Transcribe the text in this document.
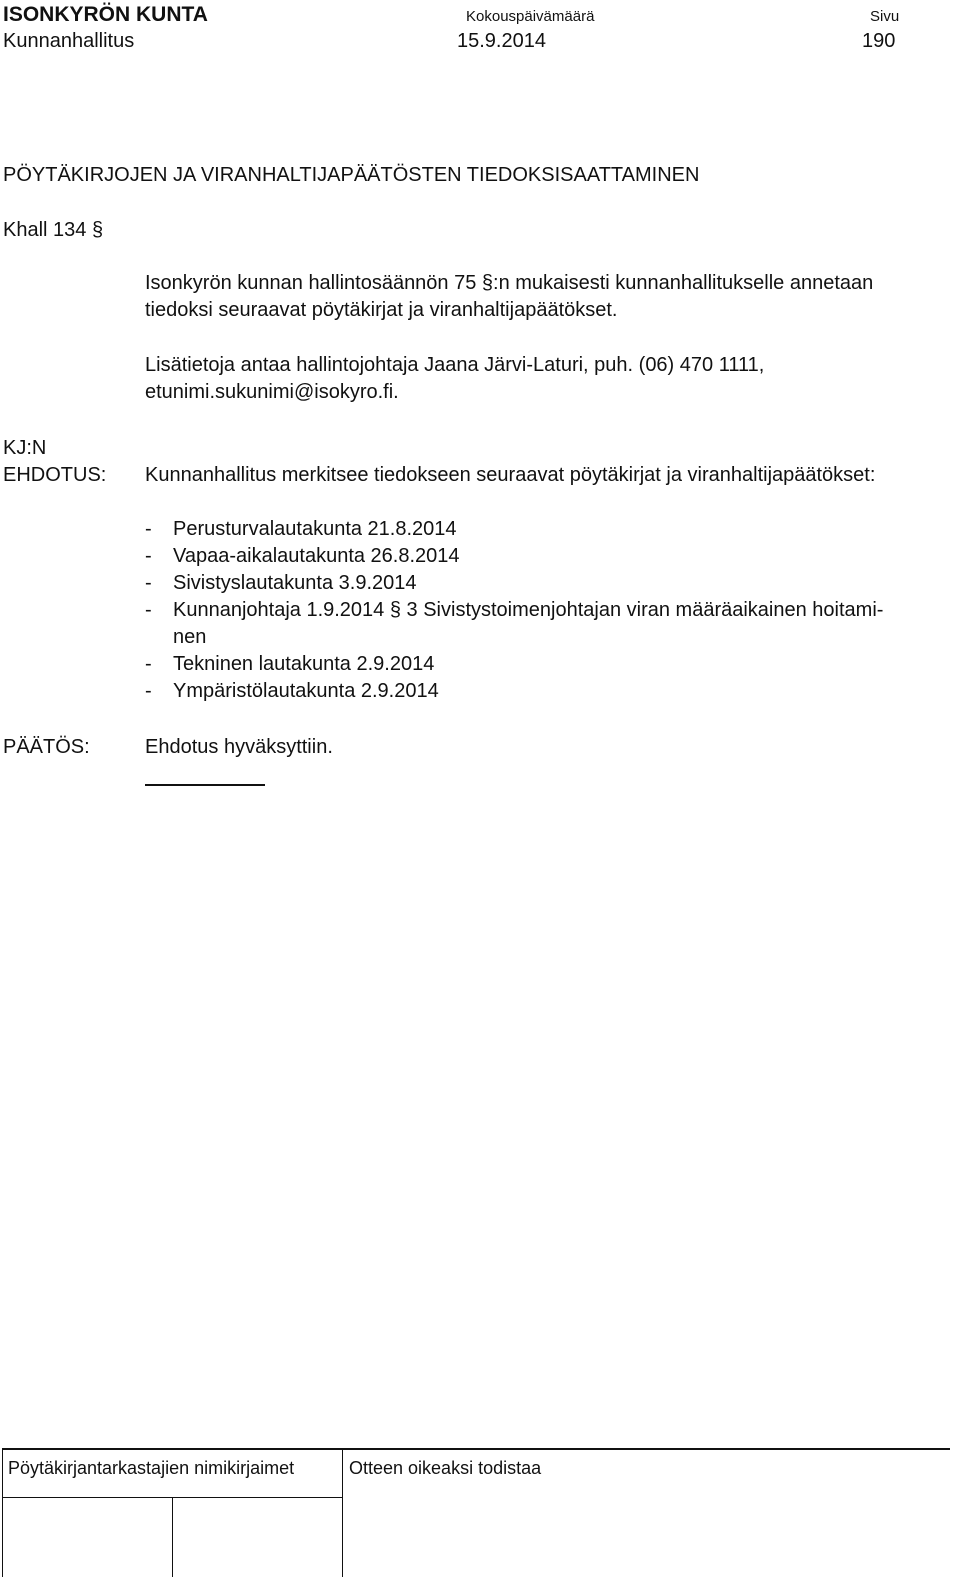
ISONKYRÖN KUNTA
Kunnanhallitus
Kokouspäivämäärä
15.9.2014
Sivu
190
PÖYTÄKIRJOJEN JA VIRANHALTIJAPÄÄTÖSTEN TIEDOKSISAATTAMINEN
Khall 134 §
Isonkyrön kunnan hallintosäännön 75 §:n mukaisesti kunnanhallitukselle annetaan tiedoksi seuraavat pöytäkirjat ja viranhaltijapäätökset.
Lisätietoja antaa hallintojohtaja Jaana Järvi-Laturi, puh. (06) 470 1111, etunimi.sukunimi@isokyro.fi.
KJ:N
EHDOTUS: Kunnanhallitus merkitsee tiedokseen seuraavat pöytäkirjat ja viranhaltijapäätökset:
- Perusturvalautakunta 21.8.2014
- Vapaa-aikalautakunta 26.8.2014
- Sivistyslautakunta 3.9.2014
- Kunnanjohtaja 1.9.2014 § 3 Sivistystoimenjohtajan viran määräaikainen hoitami-
nen
- Tekninen lautakunta 2.9.2014
- Ympäristölautakunta 2.9.2014
PÄÄTÖS:	Ehdotus hyväksyttiin.
Pöytäkirjantarkastajien nimikirjaimet	Otteen oikeaksi todistaa
